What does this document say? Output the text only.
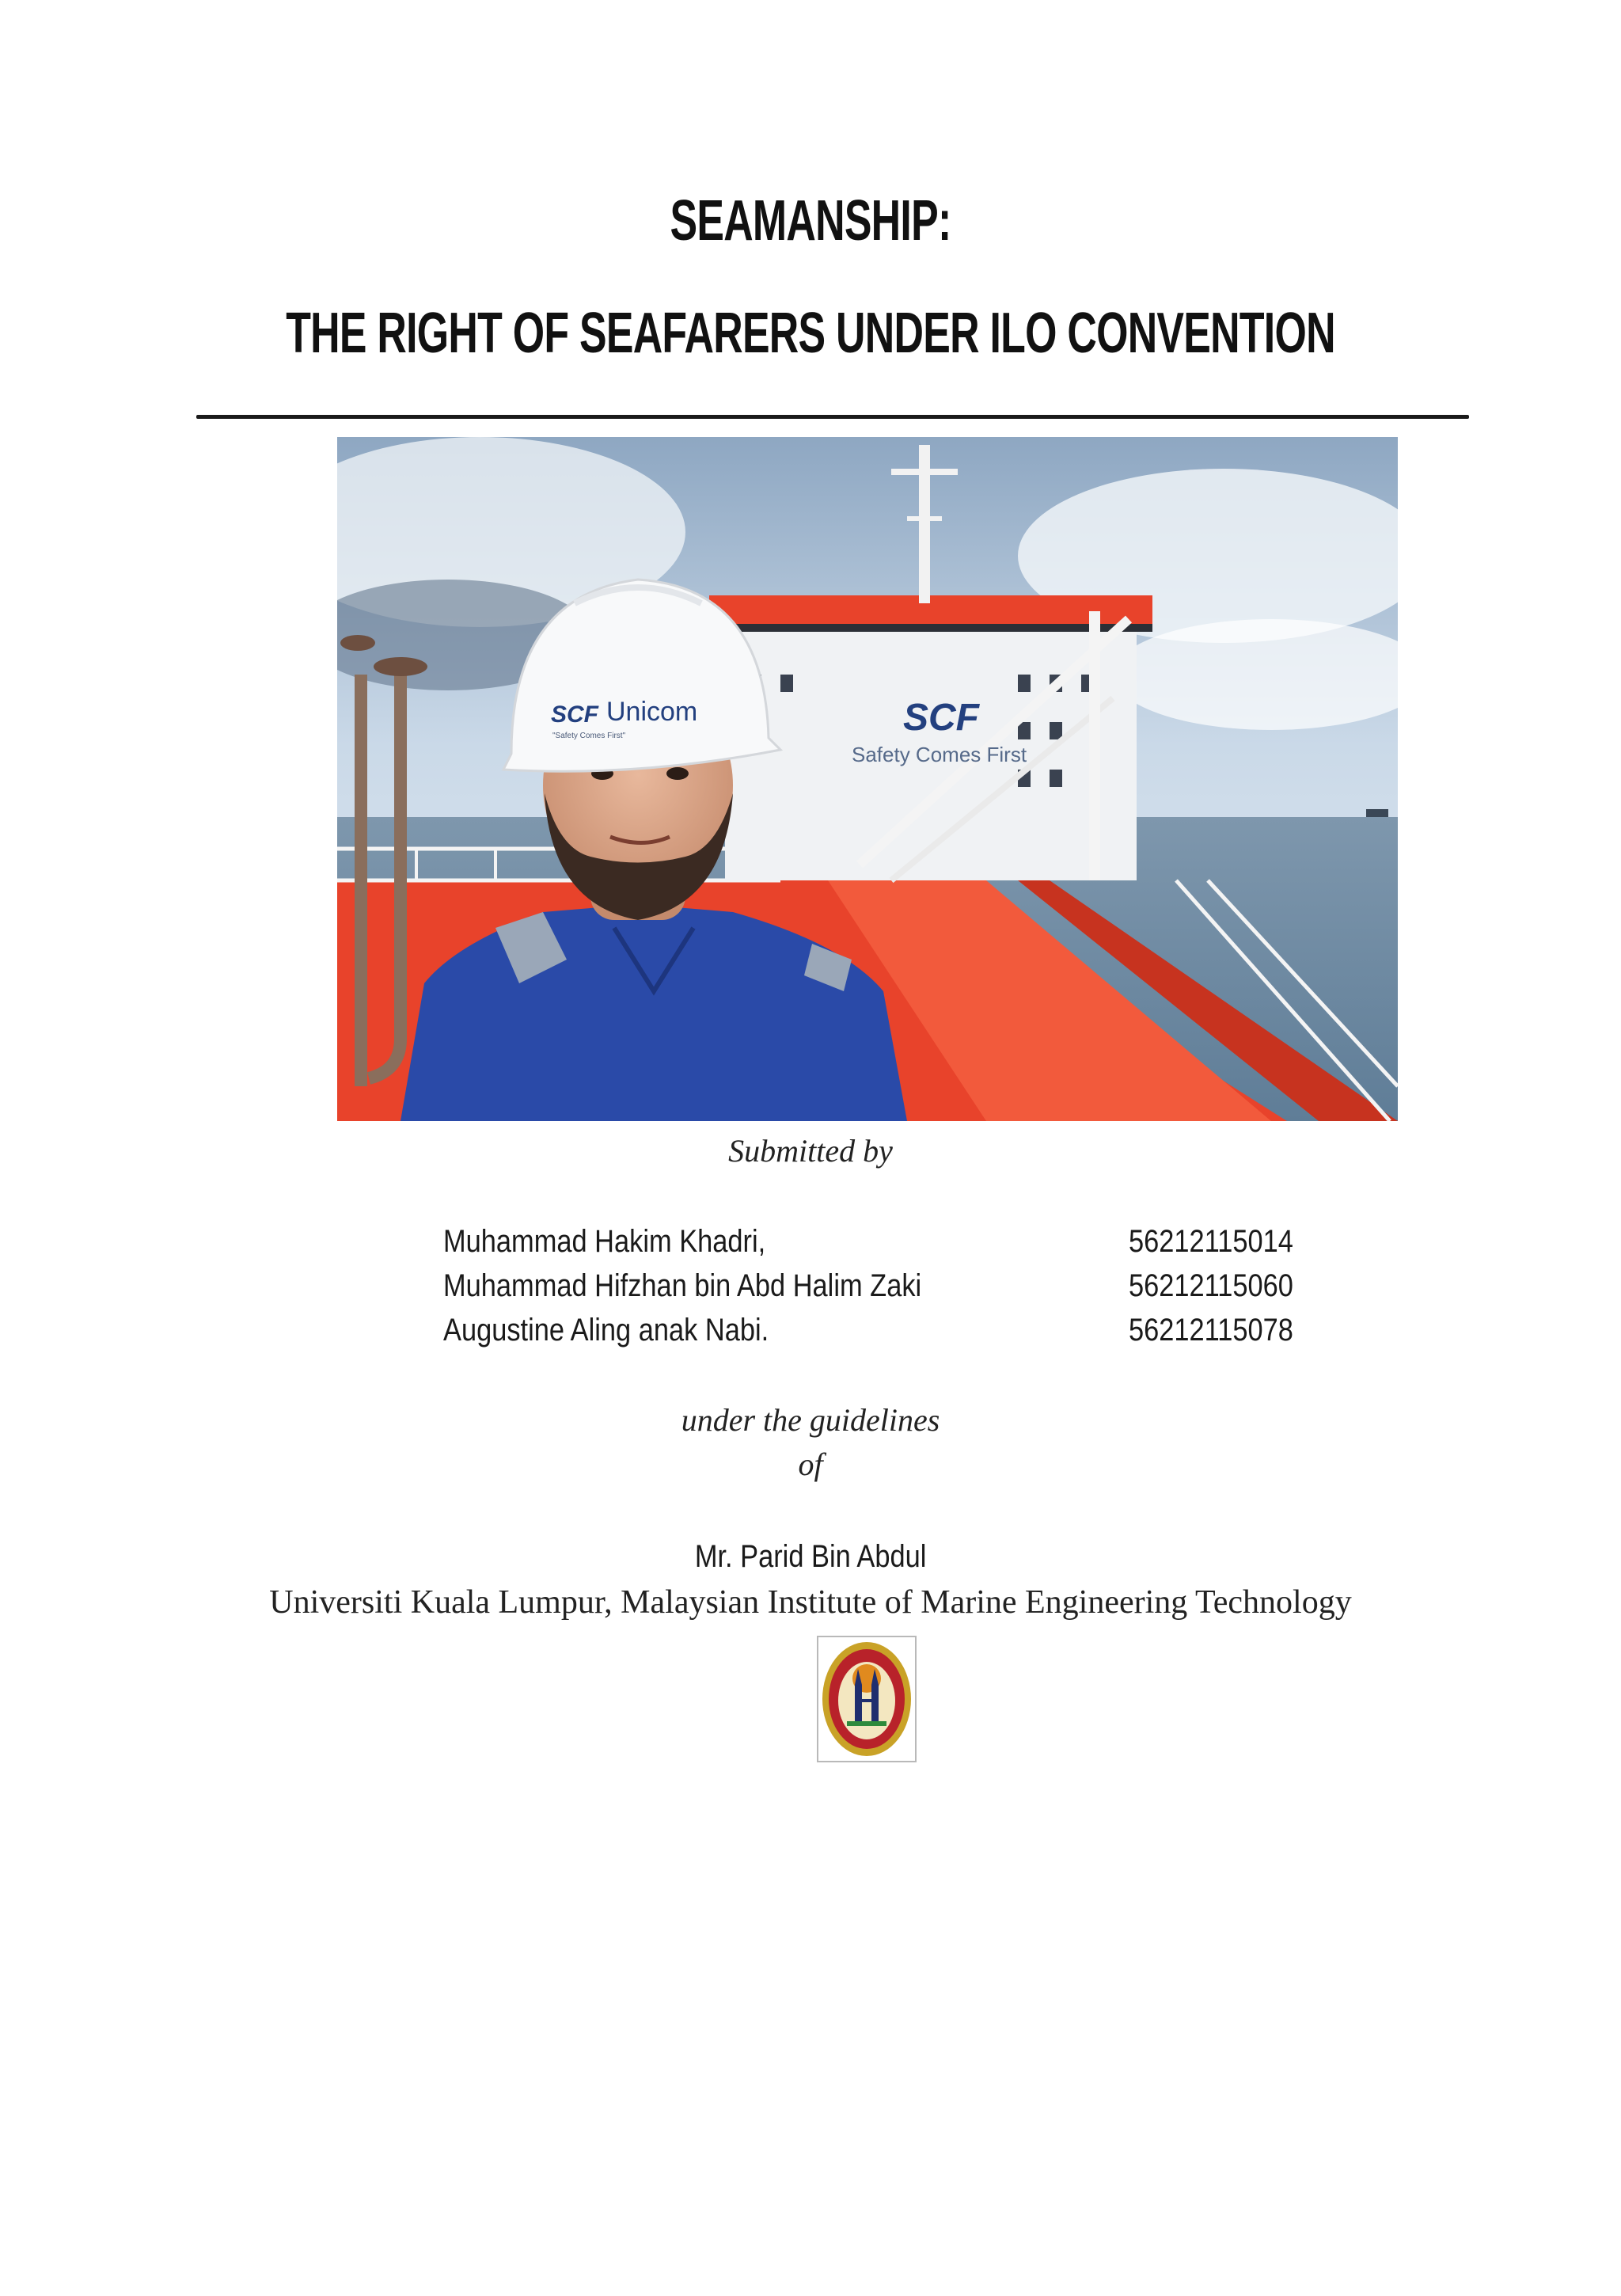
SEAMANSHIP:
THE RIGHT OF SEAFARERS UNDER ILO CONVENTION
SCF
Safety Comes First
SCF Unicom
"Safety Comes First"
Submitted by
Muhammad Hakim Khadri,	56212115014
Muhammad Hifzhan bin Abd Halim Zaki	56212115060
Augustine Aling anak Nabi.	56212115078
under the guidelines
of
Mr. Parid Bin Abdul
Universiti Kuala Lumpur, Malaysian Institute of Marine Engineering Technology
